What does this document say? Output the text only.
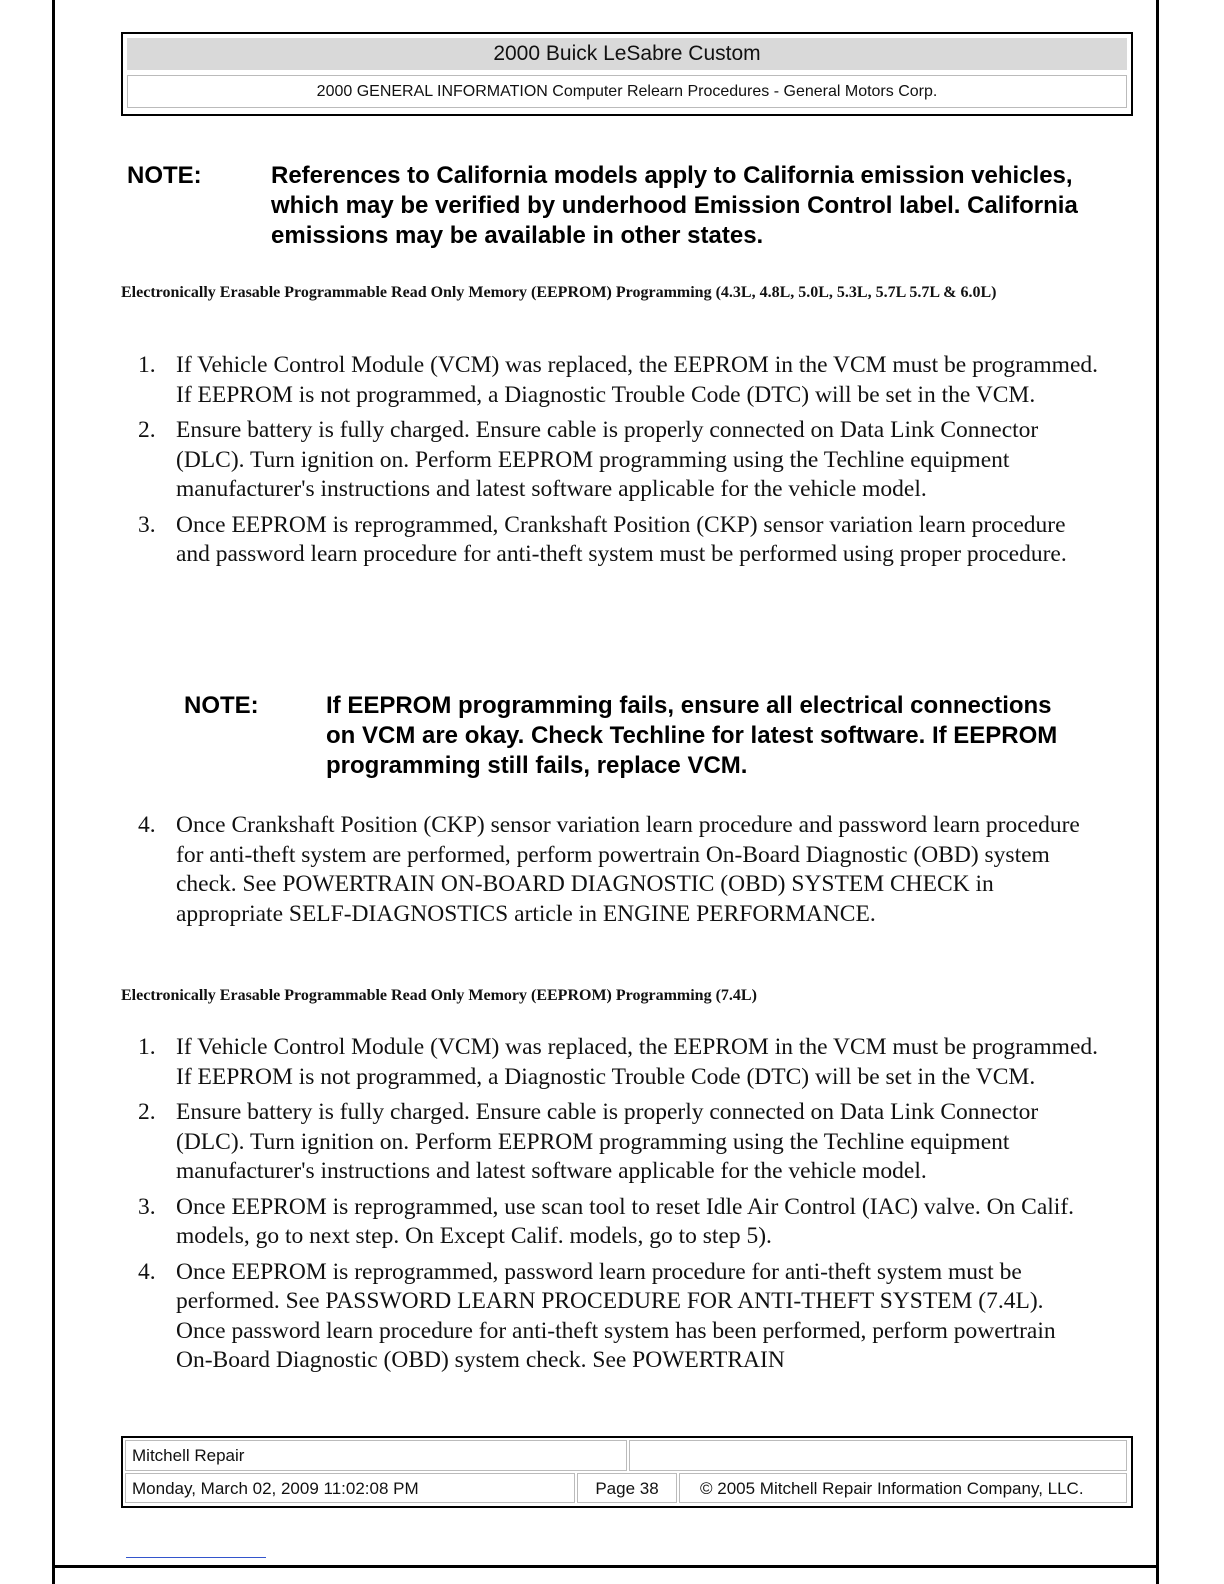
2000 Buick LeSabre Custom
2000 GENERAL INFORMATION Computer Relearn Procedures - General Motors Corp.
NOTE:	References to California models apply to California emission vehicles, which may be verified by underhood Emission Control label. California emissions may be available in other states.
Electronically Erasable Programmable Read Only Memory (EEPROM) Programming (4.3L, 4.8L, 5.0L, 5.3L, 5.7L 5.7L & 6.0L)
1. If Vehicle Control Module (VCM) was replaced, the EEPROM in the VCM must be programmed. If EEPROM is not programmed, a Diagnostic Trouble Code (DTC) will be set in the VCM.
2. Ensure battery is fully charged. Ensure cable is properly connected on Data Link Connector (DLC). Turn ignition on. Perform EEPROM programming using the Techline equipment manufacturer's instructions and latest software applicable for the vehicle model.
3. Once EEPROM is reprogrammed, Crankshaft Position (CKP) sensor variation learn procedure and password learn procedure for anti-theft system must be performed using proper procedure.
NOTE:	If EEPROM programming fails, ensure all electrical connections on VCM are okay. Check Techline for latest software. If EEPROM programming still fails, replace VCM.
4. Once Crankshaft Position (CKP) sensor variation learn procedure and password learn procedure for anti-theft system are performed, perform powertrain On-Board Diagnostic (OBD) system check. See POWERTRAIN ON-BOARD DIAGNOSTIC (OBD) SYSTEM CHECK in appropriate SELF-DIAGNOSTICS article in ENGINE PERFORMANCE.
Electronically Erasable Programmable Read Only Memory (EEPROM) Programming (7.4L)
1. If Vehicle Control Module (VCM) was replaced, the EEPROM in the VCM must be programmed. If EEPROM is not programmed, a Diagnostic Trouble Code (DTC) will be set in the VCM.
2. Ensure battery is fully charged. Ensure cable is properly connected on Data Link Connector (DLC). Turn ignition on. Perform EEPROM programming using the Techline equipment manufacturer's instructions and latest software applicable for the vehicle model.
3. Once EEPROM is reprogrammed, use scan tool to reset Idle Air Control (IAC) valve. On Calif. models, go to next step. On Except Calif. models, go to step 5).
4. Once EEPROM is reprogrammed, password learn procedure for anti-theft system must be performed. See PASSWORD LEARN PROCEDURE FOR ANTI-THEFT SYSTEM (7.4L). Once password learn procedure for anti-theft system has been performed, perform powertrain On-Board Diagnostic (OBD) system check. See POWERTRAIN
Mitchell Repair
Monday, March 02, 2009 11:02:08 PM	Page 38	© 2005 Mitchell Repair Information Company, LLC.
